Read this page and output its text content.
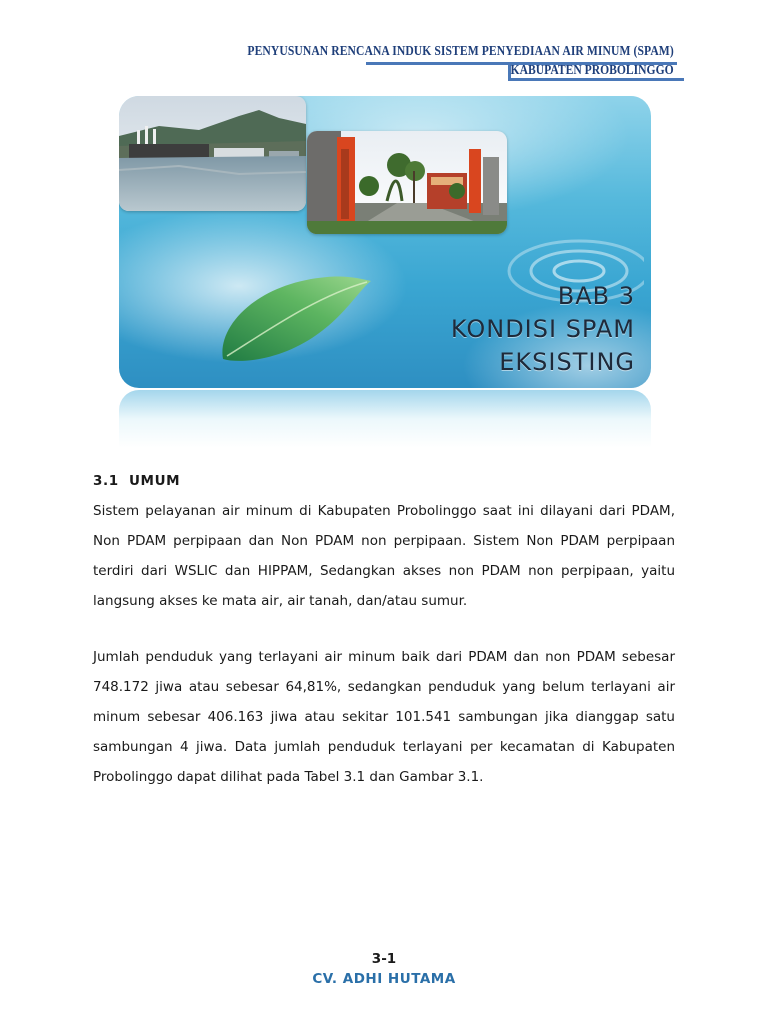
PENYUSUNAN RENCANA INDUK SISTEM PENYEDIAAN AIR MINUM (SPAM)
KABUPATEN PROBOLINGGO
BAB 3
KONDISI SPAM
EKSISTING
3.1 UMUM
Sistem pelayanan air minum di Kabupaten Probolinggo saat ini dilayani dari PDAM, Non PDAM perpipaan dan Non PDAM non perpipaan. Sistem Non PDAM perpipaan terdiri dari WSLIC dan HIPPAM, Sedangkan akses non PDAM non perpipaan, yaitu langsung akses ke mata air, air tanah, dan/atau sumur.
Jumlah penduduk yang terlayani air minum baik dari PDAM dan non PDAM sebesar 748.172 jiwa atau sebesar 64,81%, sedangkan penduduk yang belum terlayani air minum sebesar 406.163 jiwa atau sekitar 101.541 sambungan jika dianggap satu sambungan 4 jiwa. Data jumlah penduduk terlayani per kecamatan di Kabupaten Probolinggo dapat dilihat pada Tabel 3.1 dan Gambar 3.1.
3-1
CV. ADHI HUTAMA
